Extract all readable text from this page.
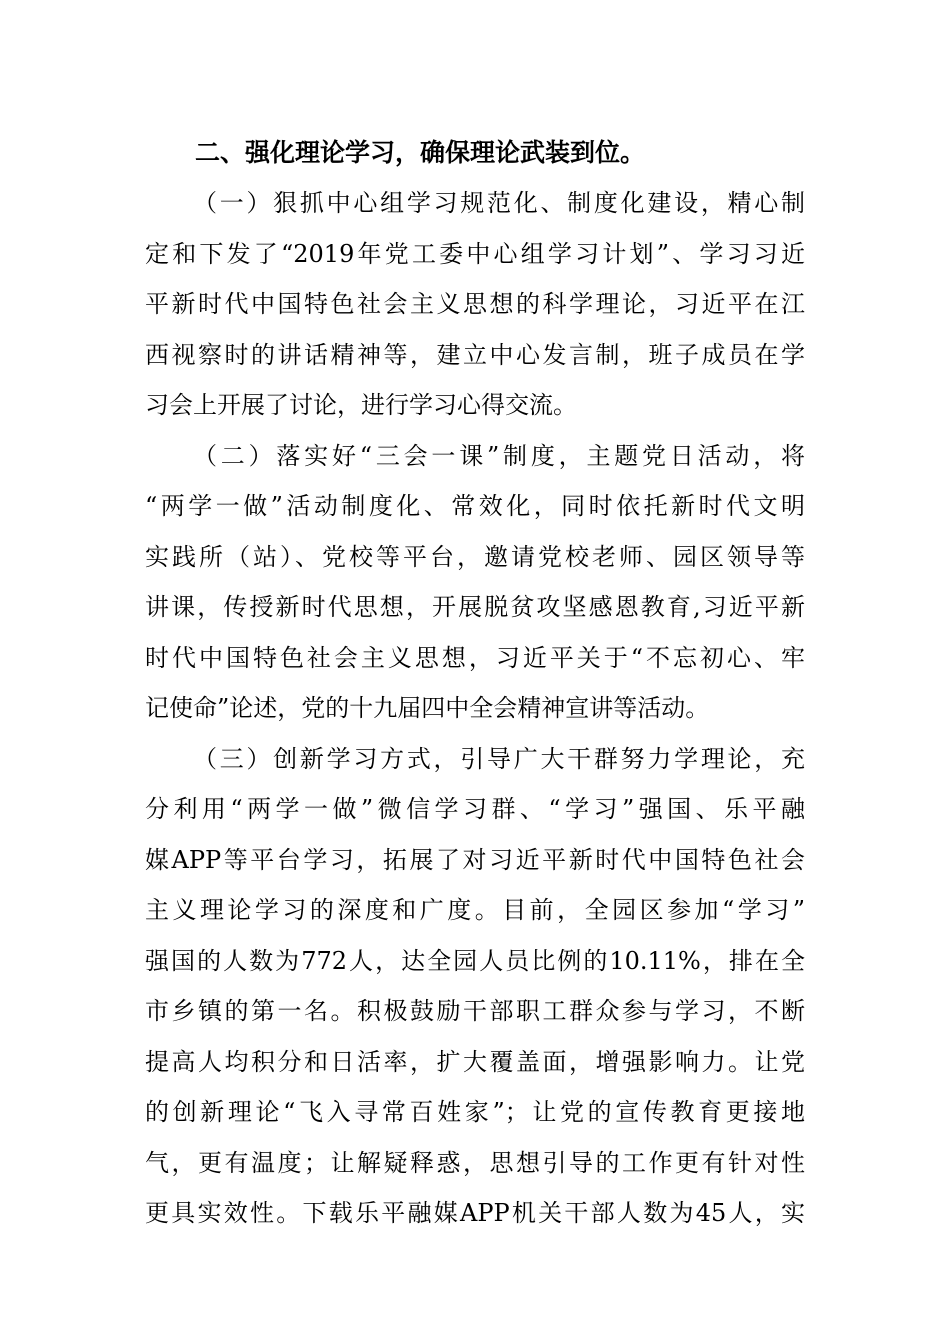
二、强化理论学习，确保理论武装到位。
（一）狠抓中心组学习规范化、制度化建设，精心制
定和下发了“2019年党工委中心组学习计划”、学习习近
平新时代中国特色社会主义思想的科学理论，习近平在江
西视察时的讲话精神等，建立中心发言制，班子成员在学
习会上开展了讨论，进行学习心得交流。
（二）落实好“三会一课”制度，主题党日活动，将
“两学一做”活动制度化、常效化，同时依托新时代文明
实践所（站）、党校等平台，邀请党校老师、园区领导等
讲课，传授新时代思想，开展脱贫攻坚感恩教育,习近平新
时代中国特色社会主义思想，习近平关于“不忘初心、牢
记使命”论述，党的十九届四中全会精神宣讲等活动。
（三）创新学习方式，引导广大干群努力学理论，充
分利用“两学一做”微信学习群、“学习”强国、乐平融
媒APP等平台学习，拓展了对习近平新时代中国特色社会
主义理论学习的深度和广度。目前，全园区参加“学习”
强国的人数为772人，达全园人员比例的10.11%，排在全
市乡镇的第一名。积极鼓励干部职工群众参与学习，不断
提高人均积分和日活率，扩大覆盖面，增强影响力。让党
的创新理论“飞入寻常百姓家”；让党的宣传教育更接地
气，更有温度；让解疑释惑，思想引导的工作更有针对性
更具实效性。下载乐平融媒APP机关干部人数为45人，实
